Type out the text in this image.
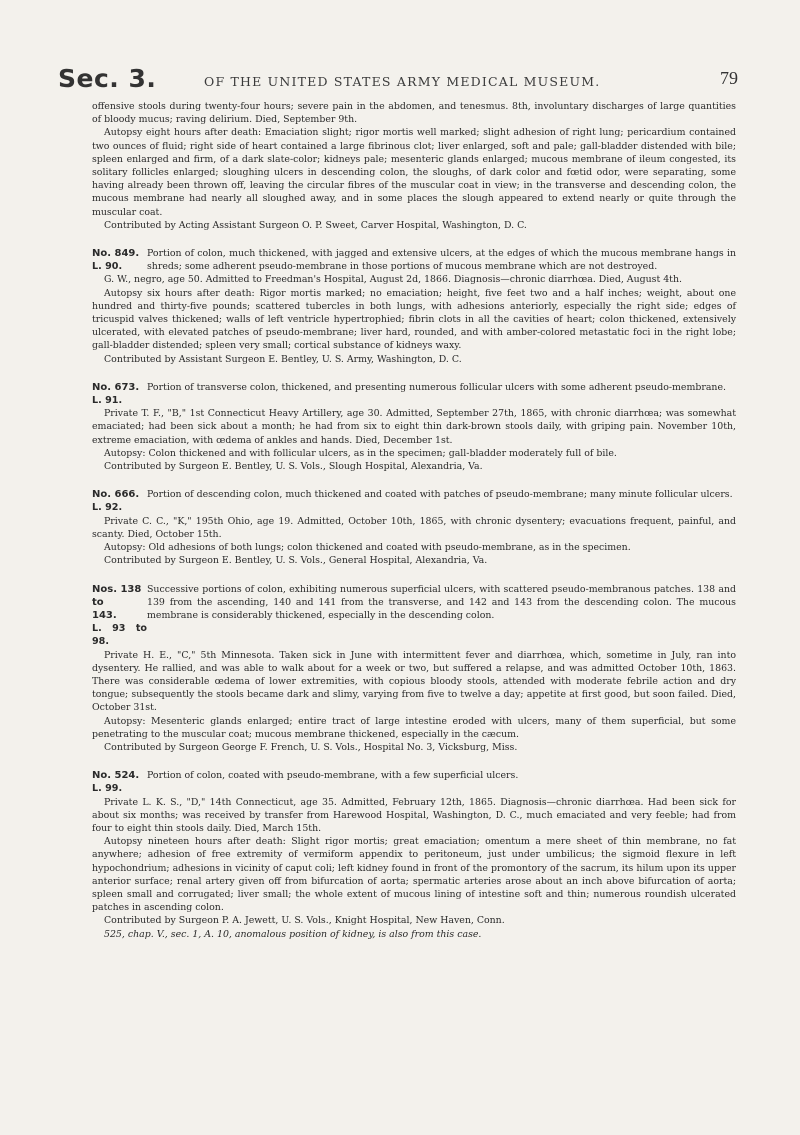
Sec. 3.	OF THE UNITED STATES ARMY MEDICAL MUSEUM.	79

offensive stools during twenty-four hours; severe pain in the abdomen, and tenesmus. 8th, involuntary discharges of large quantities of bloody mucus; raving delirium. Died, September 9th.

Autopsy eight hours after death: Emaciation slight; rigor mortis well marked; slight adhesion of right lung; pericardium contained two ounces of fluid; right side of heart contained a large fibrinous clot; liver enlarged, soft and pale; gall-bladder distended with bile; spleen enlarged and firm, of a dark slate-color; kidneys pale; mesenteric glands enlarged; mucous membrane of ileum congested, its solitary follicles enlarged; sloughing ulcers in descending colon, the sloughs, of dark color and fœtid odor, were separating, some having already been thrown off, leaving the circular fibres of the muscular coat in view; in the transverse and descending colon, the mucous membrane had nearly all sloughed away, and in some places the slough appeared to extend nearly or quite through the muscular coat.

Contributed by Acting Assistant Surgeon O. P. Sweet, Carver Hospital, Washington, D. C.

No. 849.
L. 90.
Portion of colon, much thickened, with jagged and extensive ulcers, at the edges of which the mucous membrane hangs in shreds; some adherent pseudo-membrane in those portions of mucous membrane which are not destroyed.

G. W., negro, age 50. Admitted to Freedman's Hospital, August 2d, 1866. Diagnosis—chronic diarrhœa. Died, August 4th.

Autopsy six hours after death: Rigor mortis marked; no emaciation; height, five feet two and a half inches; weight, about one hundred and thirty-five pounds; scattered tubercles in both lungs, with adhesions anteriorly, especially the right side; edges of tricuspid valves thickened; walls of left ventricle hypertrophied; fibrin clots in all the cavities of heart; colon thickened, extensively ulcerated, with elevated patches of pseudo-membrane; liver hard, rounded, and with amber-colored metastatic foci in the right lobe; gall-bladder distended; spleen very small; cortical substance of kidneys waxy.

Contributed by Assistant Surgeon E. Bentley, U. S. Army, Washington, D. C.

No. 673.
L. 91.
Portion of transverse colon, thickened, and presenting numerous follicular ulcers with some adherent pseudo-membrane.

Private T. F., "B," 1st Connecticut Heavy Artillery, age 30. Admitted, September 27th, 1865, with chronic diarrhœa; was somewhat emaciated; had been sick about a month; he had from six to eight thin dark-brown stools daily, with griping pain. November 10th, extreme emaciation, with œdema of ankles and hands. Died, December 1st.

Autopsy: Colon thickened and with follicular ulcers, as in the specimen; gall-bladder moderately full of bile.

Contributed by Surgeon E. Bentley, U. S. Vols., Slough Hospital, Alexandria, Va.

No. 666.
L. 92.
Portion of descending colon, much thickened and coated with patches of pseudo-membrane; many minute follicular ulcers.

Private C. C., "K," 195th Ohio, age 19. Admitted, October 10th, 1865, with chronic dysentery; evacuations frequent, painful, and scanty. Died, October 15th.

Autopsy: Old adhesions of both lungs; colon thickened and coated with pseudo-membrane, as in the specimen.

Contributed by Surgeon E. Bentley, U. S. Vols., General Hospital, Alexandria, Va.

Nos. 138
to
143.
L. 93 to 98.
Successive portions of colon, exhibiting numerous superficial ulcers, with scattered pseudo-membranous patches. 138 and 139 from the ascending, 140 and 141 from the transverse, and 142 and 143 from the descending colon. The mucous membrane is considerably thickened, especially in the descending colon.

Private H. E., "C," 5th Minnesota. Taken sick in June with intermittent fever and diarrhœa, which, sometime in July, ran into dysentery. He rallied, and was able to walk about for a week or two, but suffered a relapse, and was admitted October 10th, 1863. There was considerable œdema of lower extremities, with copious bloody stools, attended with moderate febrile action and dry tongue; subsequently the stools became dark and slimy, varying from five to twelve a day; appetite at first good, but soon failed. Died, October 31st.

Autopsy: Mesenteric glands enlarged; entire tract of large intestine eroded with ulcers, many of them superficial, but some penetrating to the muscular coat; mucous membrane thickened, especially in the cæcum.

Contributed by Surgeon George F. French, U. S. Vols., Hospital No. 3, Vicksburg, Miss.

No. 524.
L. 99.
Portion of colon, coated with pseudo-membrane, with a few superficial ulcers.

Private L. K. S., "D," 14th Connecticut, age 35. Admitted, February 12th, 1865. Diagnosis—chronic diarrhœa. Had been sick for about six months; was received by transfer from Harewood Hospital, Washington, D. C., much emaciated and very feeble; had from four to eight thin stools daily. Died, March 15th.

Autopsy nineteen hours after death: Slight rigor mortis; great emaciation; omentum a mere sheet of thin membrane, no fat anywhere; adhesion of free extremity of vermiform appendix to peritoneum, just under umbilicus; the sigmoid flexure in left hypochondrium; adhesions in vicinity of caput coli; left kidney found in front of the promontory of the sacrum, its hilum upon its upper anterior surface; renal artery given off from bifurcation of aorta; spermatic arteries arose about an inch above bifurcation of aorta; spleen small and corrugated; liver small; the whole extent of mucous lining of intestine soft and thin; numerous roundish ulcerated patches in ascending colon.

Contributed by Surgeon P. A. Jewett, U. S. Vols., Knight Hospital, New Haven, Conn.

525, chap. V., sec. 1, A. 10, anomalous position of kidney, is also from this case.
